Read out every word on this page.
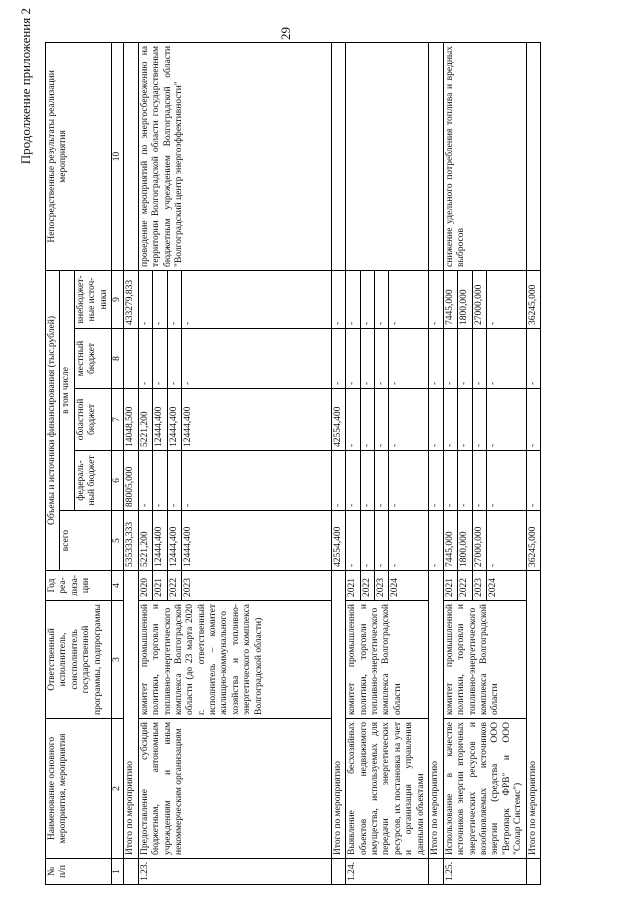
29
Продолжение приложения 2
№ п/п	Наименование основного мероприятия, мероприятия	Ответственный исполнитель, соисполнитель государственной программы, подпрограммы	Год реа-лиза-ции	Объемы и источники финансирования (тыс.рублей)					Непосредственные результаты реализации мероприятия
				всего	в том числе				
					федераль-ный бюджет	областной бюджет	местный бюджет	внебюджет-ные источ-ники	
1	2	3	4	5	6	7	8	9	10
	Итого по мероприятию			535333,333	88005,000	14048,500		433279,833	
1.23.	Предоставление субсидий бюджетным, автономным учреждениям и иным некоммерческим организациям	комитет промышленной политики, торговли и топливно-энергетического комплекса Волгоградской области (до 23 марта 2020 г. ответственный исполнитель – комитет жилищно-коммунального хозяйства и топливно-энергетического комплекса Волгоградской области)	2020	5221,200	-	5221,200	-	-	проведение мероприятий по энергосбережению на территории Волгоградской области государственным бюджетным учреждением Волгоградской области "Волгоградский центр энергоэффективности"
			2021	12444,400	-	12444,400	-	-	
			2022	12444,400	-	12444,400	-	-	
			2023	12444,400	-	12444,400	-	-	
	Итого по мероприятию			42554,400	-	42554,400	-	-	
1.24.	Выявление бесхозяйных объектов недвижимого имущества, используемых для передачи энергетических ресурсов, их постановка на учет и организация управления данными объектами	комитет промышленной политики, торговли и топливно-энергетического комплекса Волгоградской области	2021	-	-	-	-	-	
			2022	-	-	-	-	-	
			2023	-	-	-	-	-	
			2024	-	-	-	-	-	
	Итого по мероприятию			-	-	-	-	-	
1.25.	Использование в качестве источников энергии вторичных энергетических ресурсов и возобновляемых источников энергии (средства ООО "Ветропарк ФРВ" и ООО "Солар Системс")	комитет промышленной политики, торговли и топливно-энергетического комплекса Волгоградской области	2021	7445,000	-	-	-	7445,000	снижение удельного потребления топлива и вредных выбросов
			2022	1800,000	-	-	-	1800,000	
			2023	27000,000	-	-	-	27000,000	
			2024	-	-	-	-	-	
	Итого по мероприятию			36245,000	-	-	-	36245,000	
